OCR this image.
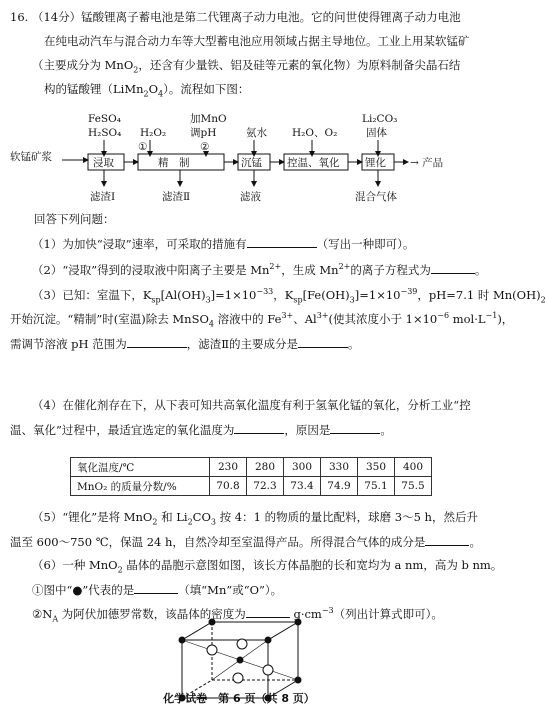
16. （14分）锰酸锂离子蓄电池是第二代锂离子动力电池。它的问世使得锂离子动力电池
在纯电动汽车与混合动力车等大型蓄电池应用领域占据主导地位。工业上用某软锰矿
（主要成分为 MnO$_2$，还含有少量铁、铝及硅等元素的氧化物）为原料制备尖晶石结
构的锰酸锂$(LiMn_2O_4)$。流程如下图：
FeSO₄
H₂SO₄ H₂O₂
①
加MnO
调pH
②
氨水 H₂O、O₂
Li₂CO₃
固体
软锰矿浆	浸取	精　制	沉锰 控温、氧化 锂化 → 产品
滤渣Ⅰ	滤渣Ⅱ	滤液	混合气体
回答下列问题：
（1）为加快“浸取”速率，可采取的措施有	（写出一种即可）。
（2）“浸取”得到的浸取液中阳离子主要是 $Mn^{2+}$，生成 $Mn^{2+}$的离子方程式为	。
（3）已知：室温下，$K_{sp}[Al(OH)_3]=1\times 10^{-33}$，$K_{sp}[Fe(OH)_3]=1\times 10^{-39}$，pH=7.1 时 $Mn(OH)_2$
开始沉淀。“精制”时(室温)除去 MnSO$_4$ 溶液中的 $Fe^{3+}$、$Al^{3+}$(使其浓度小于 $1\times 10^{-6}$ $mol\cdot L^{-1}$)，
需调节溶液 pH 范围为	，滤渣Ⅱ的主要成分是	。
（4）在催化剂存在下，从下表可知共高氧化温度有利于氢氧化锰的氧化，分析工业“控
温、氧化”过程中，最适宜选定的氧化温度为	，原因是	。
氧化温度/℃	230	280	300	330	350	400
MnO₂ 的质量分数/%	70.8	72.3	73.4	74.9	75.1	75.5
（5）“锂化”是将 MnO$_2$ 和 $Li_2CO_3$ 按 4：1 的物质的量比配料，球磨 3～5 h，然后升
温至 600～750 ℃，保温 24 h，自然冷却至室温得产品。所得混合气体的成分是	。
（6）一种 MnO$_2$ 晶体的晶胞示意图如图，该长方体晶胞的长和宽均为 a nm，高为 b nm。
①图中“●”代表的是	（填“Mn”或“O”）。
$②N_A$ 为阿伏加德罗常数，该晶体的密度为	$g\cdot cm^{-3}$（列出计算式即可）。
化学试卷　第 6 页（共 8 页）
